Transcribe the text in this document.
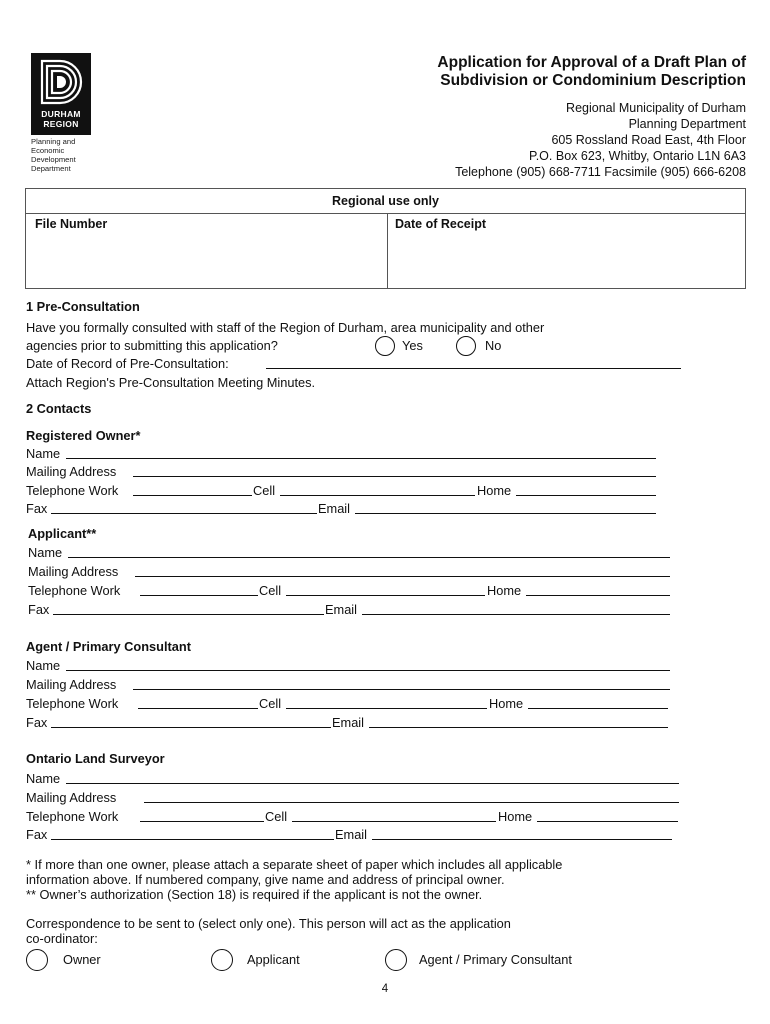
DURHAM
REGION
Planning and
Economic
Development
Department
Application for Approval of a Draft Plan of
Subdivision or Condominium Description
Regional Municipality of Durham
Planning Department
605 Rossland Road East, 4th Floor
P.O. Box 623, Whitby, Ontario L1N 6A3
Telephone (905) 668-7711 Facsimile (905) 666-6208
Regional use only
File Number	Date of Receipt
1 Pre-Consultation
Have you formally consulted with staff of the Region of Durham, area municipality and other
agencies prior to submitting this application?	Yes	No
Date of Record of Pre-Consultation:
Attach Region's Pre-Consultation Meeting Minutes.
2 Contacts
Registered Owner*
Name
Mailing Address
Telephone Work	Cell	Home
Fax	Email
Applicant**
Name
Mailing Address
Telephone Work	Cell	Home
Fax	Email
Agent / Primary Consultant
Name
Mailing Address
Telephone Work	Cell	Home
Fax	Email
Ontario Land Surveyor
Name
Mailing Address
Telephone Work	Cell	Home
Fax	Email
* If more than one owner, please attach a separate sheet of paper which includes all applicable
information above. If numbered company, give name and address of principal owner.
** Owner’s authorization (Section 18) is required if the applicant is not the owner.
Correspondence to be sent to (select only one). This person will act as the application
co-ordinator:
Owner	Applicant	Agent / Primary Consultant
4
